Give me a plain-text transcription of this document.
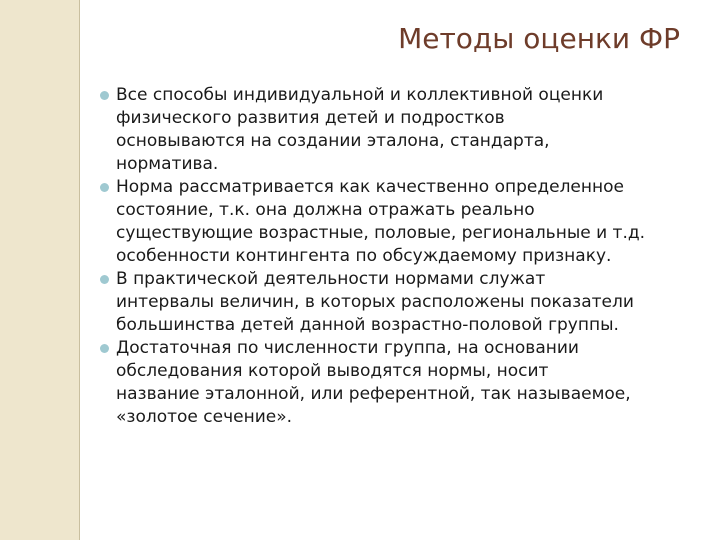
Методы оценки ФР
Все способы индивидуальной и коллективной оценки
физического развития детей и подростков
основываются на создании эталона, стандарта,
норматива.
Норма рассматривается как качественно определенное
состояние, т.к. она должна отражать реально
существующие возрастные, половые, региональные и т.д.
особенности контингента по обсуждаемому признаку.
В практической деятельности нормами служат
интервалы величин, в которых расположены показатели
большинства детей данной возрастно-половой группы.
Достаточная по численности группа, на основании
обследования которой выводятся нормы, носит
название эталонной, или референтной, так называемое,
«золотое сечение».
